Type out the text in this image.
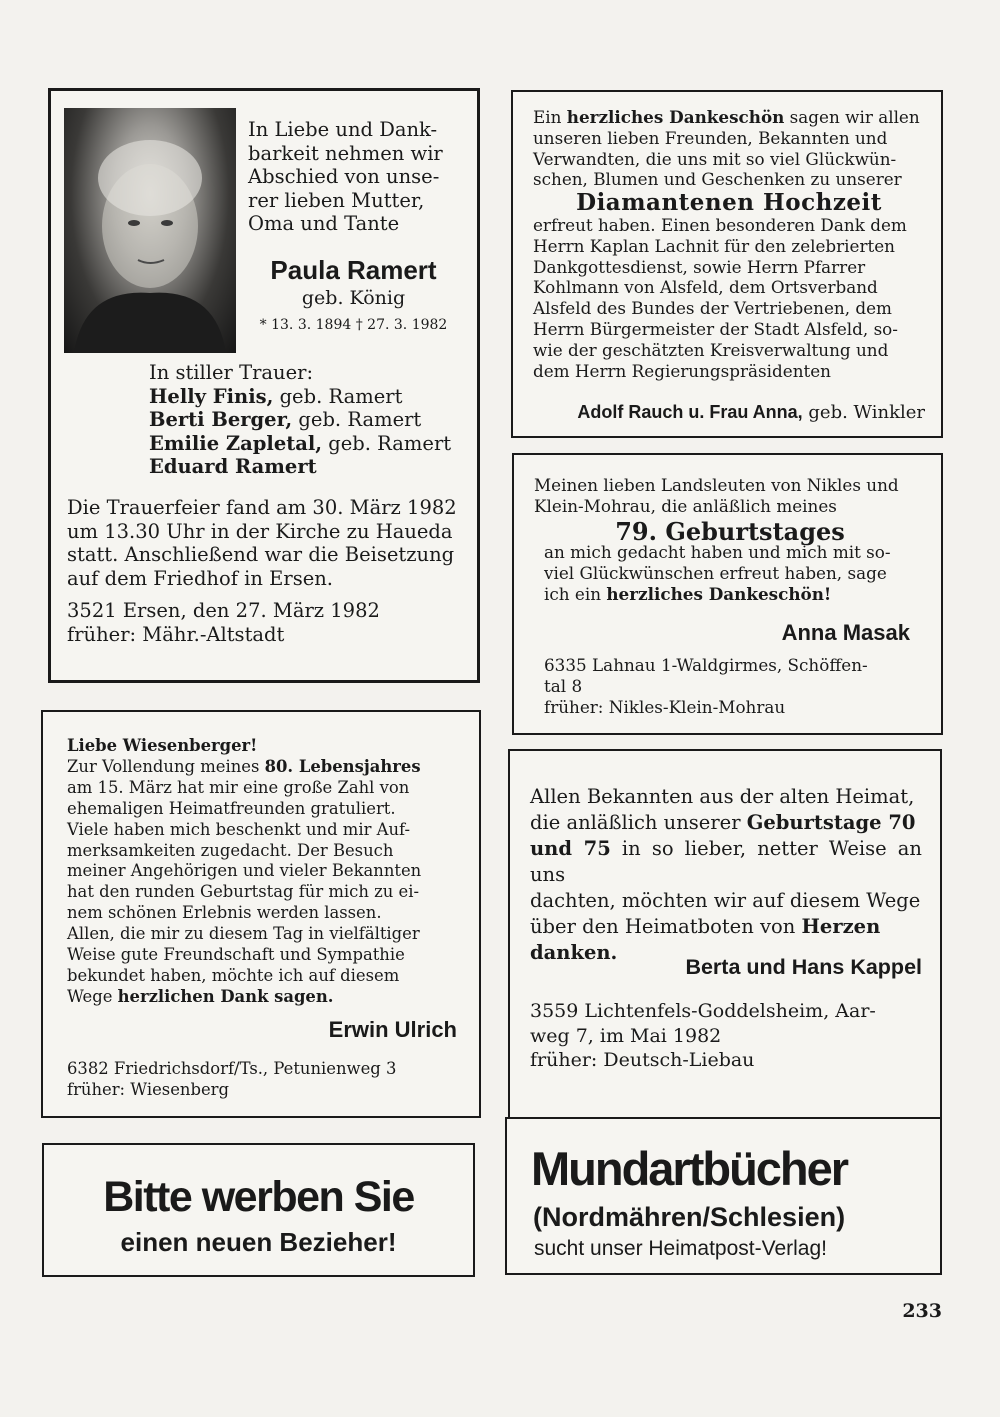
In Liebe und Dank-

barkeit nehmen wir

Abschied von unse-

rer lieben Mutter,

Oma und Tante

Paula Ramert
geb. König
* 13. 3. 1894 † 27. 3. 1982

In stiller Trauer:

Helly Finis, geb. Ramert

Berti Berger, geb. Ramert

Emilie Zapletal, geb. Ramert

Eduard Ramert

Die Trauerfeier fand am 30. März 1982

um 13.30 Uhr in der Kirche zu Haueda

statt. Anschließend war die Beisetzung

auf dem Friedhof in Ersen.

3521 Ersen, den 27. März 1982

früher: Mähr.-Altstadt

Ein herzliches Dankeschön sagen wir allen

unseren lieben Freunden, Bekannten und

Verwandten, die uns mit so viel Glückwün-

schen, Blumen und Geschenken zu unserer

Diamantenen Hochzeit

erfreut haben. Einen besonderen Dank dem

Herrn Kaplan Lachnit für den zelebrierten

Dankgottesdienst, sowie Herrn Pfarrer

Kohlmann von Alsfeld, dem Ortsverband

Alsfeld des Bundes der Vertriebenen, dem

Herrn Bürgermeister der Stadt Alsfeld, so-

wie der geschätzten Kreisverwaltung und

dem Herrn Regierungspräsidenten

Adolf Rauch u. Frau Anna, geb. Winkler

Meinen lieben Landsleuten von Nikles und

Klein-Mohrau, die anläßlich meines

79. Geburtstages

an mich gedacht haben und mich mit so-

viel Glückwünschen erfreut haben, sage

ich ein herzliches Dankeschön!

Anna Masak

6335 Lahnau 1-Waldgirmes, Schöffen-

tal 8

früher: Nikles-Klein-Mohrau

Liebe Wiesenberger!

Zur Vollendung meines 80. Lebensjahres

am 15. März hat mir eine große Zahl von

ehemaligen Heimatfreunden gratuliert.

Viele haben mich beschenkt und mir Auf-

merksamkeiten zugedacht. Der Besuch

meiner Angehörigen und vieler Bekannten

hat den runden Geburtstag für mich zu ei-

nem schönen Erlebnis werden lassen.

Allen, die mir zu diesem Tag in vielfältiger

Weise gute Freundschaft und Sympathie

bekundet haben, möchte ich auf diesem

Wege herzlichen Dank sagen.

Erwin Ulrich

6382 Friedrichsdorf/Ts., Petunienweg 3

früher: Wiesenberg

Allen Bekannten aus der alten Heimat,

die anläßlich unserer Geburtstage 70

und 75 in so lieber, netter Weise an uns

dachten, möchten wir auf diesem Wege

über den Heimatboten von Herzen

danken.

Berta und Hans Kappel

3559 Lichtenfels-Goddelsheim, Aar-

weg 7, im Mai 1982

früher: Deutsch-Liebau

Bitte werben Sie
einen neuen Bezieher!
Mundartbücher
(Nordmähren/Schlesien)
sucht unser Heimatpost-Verlag!
233
